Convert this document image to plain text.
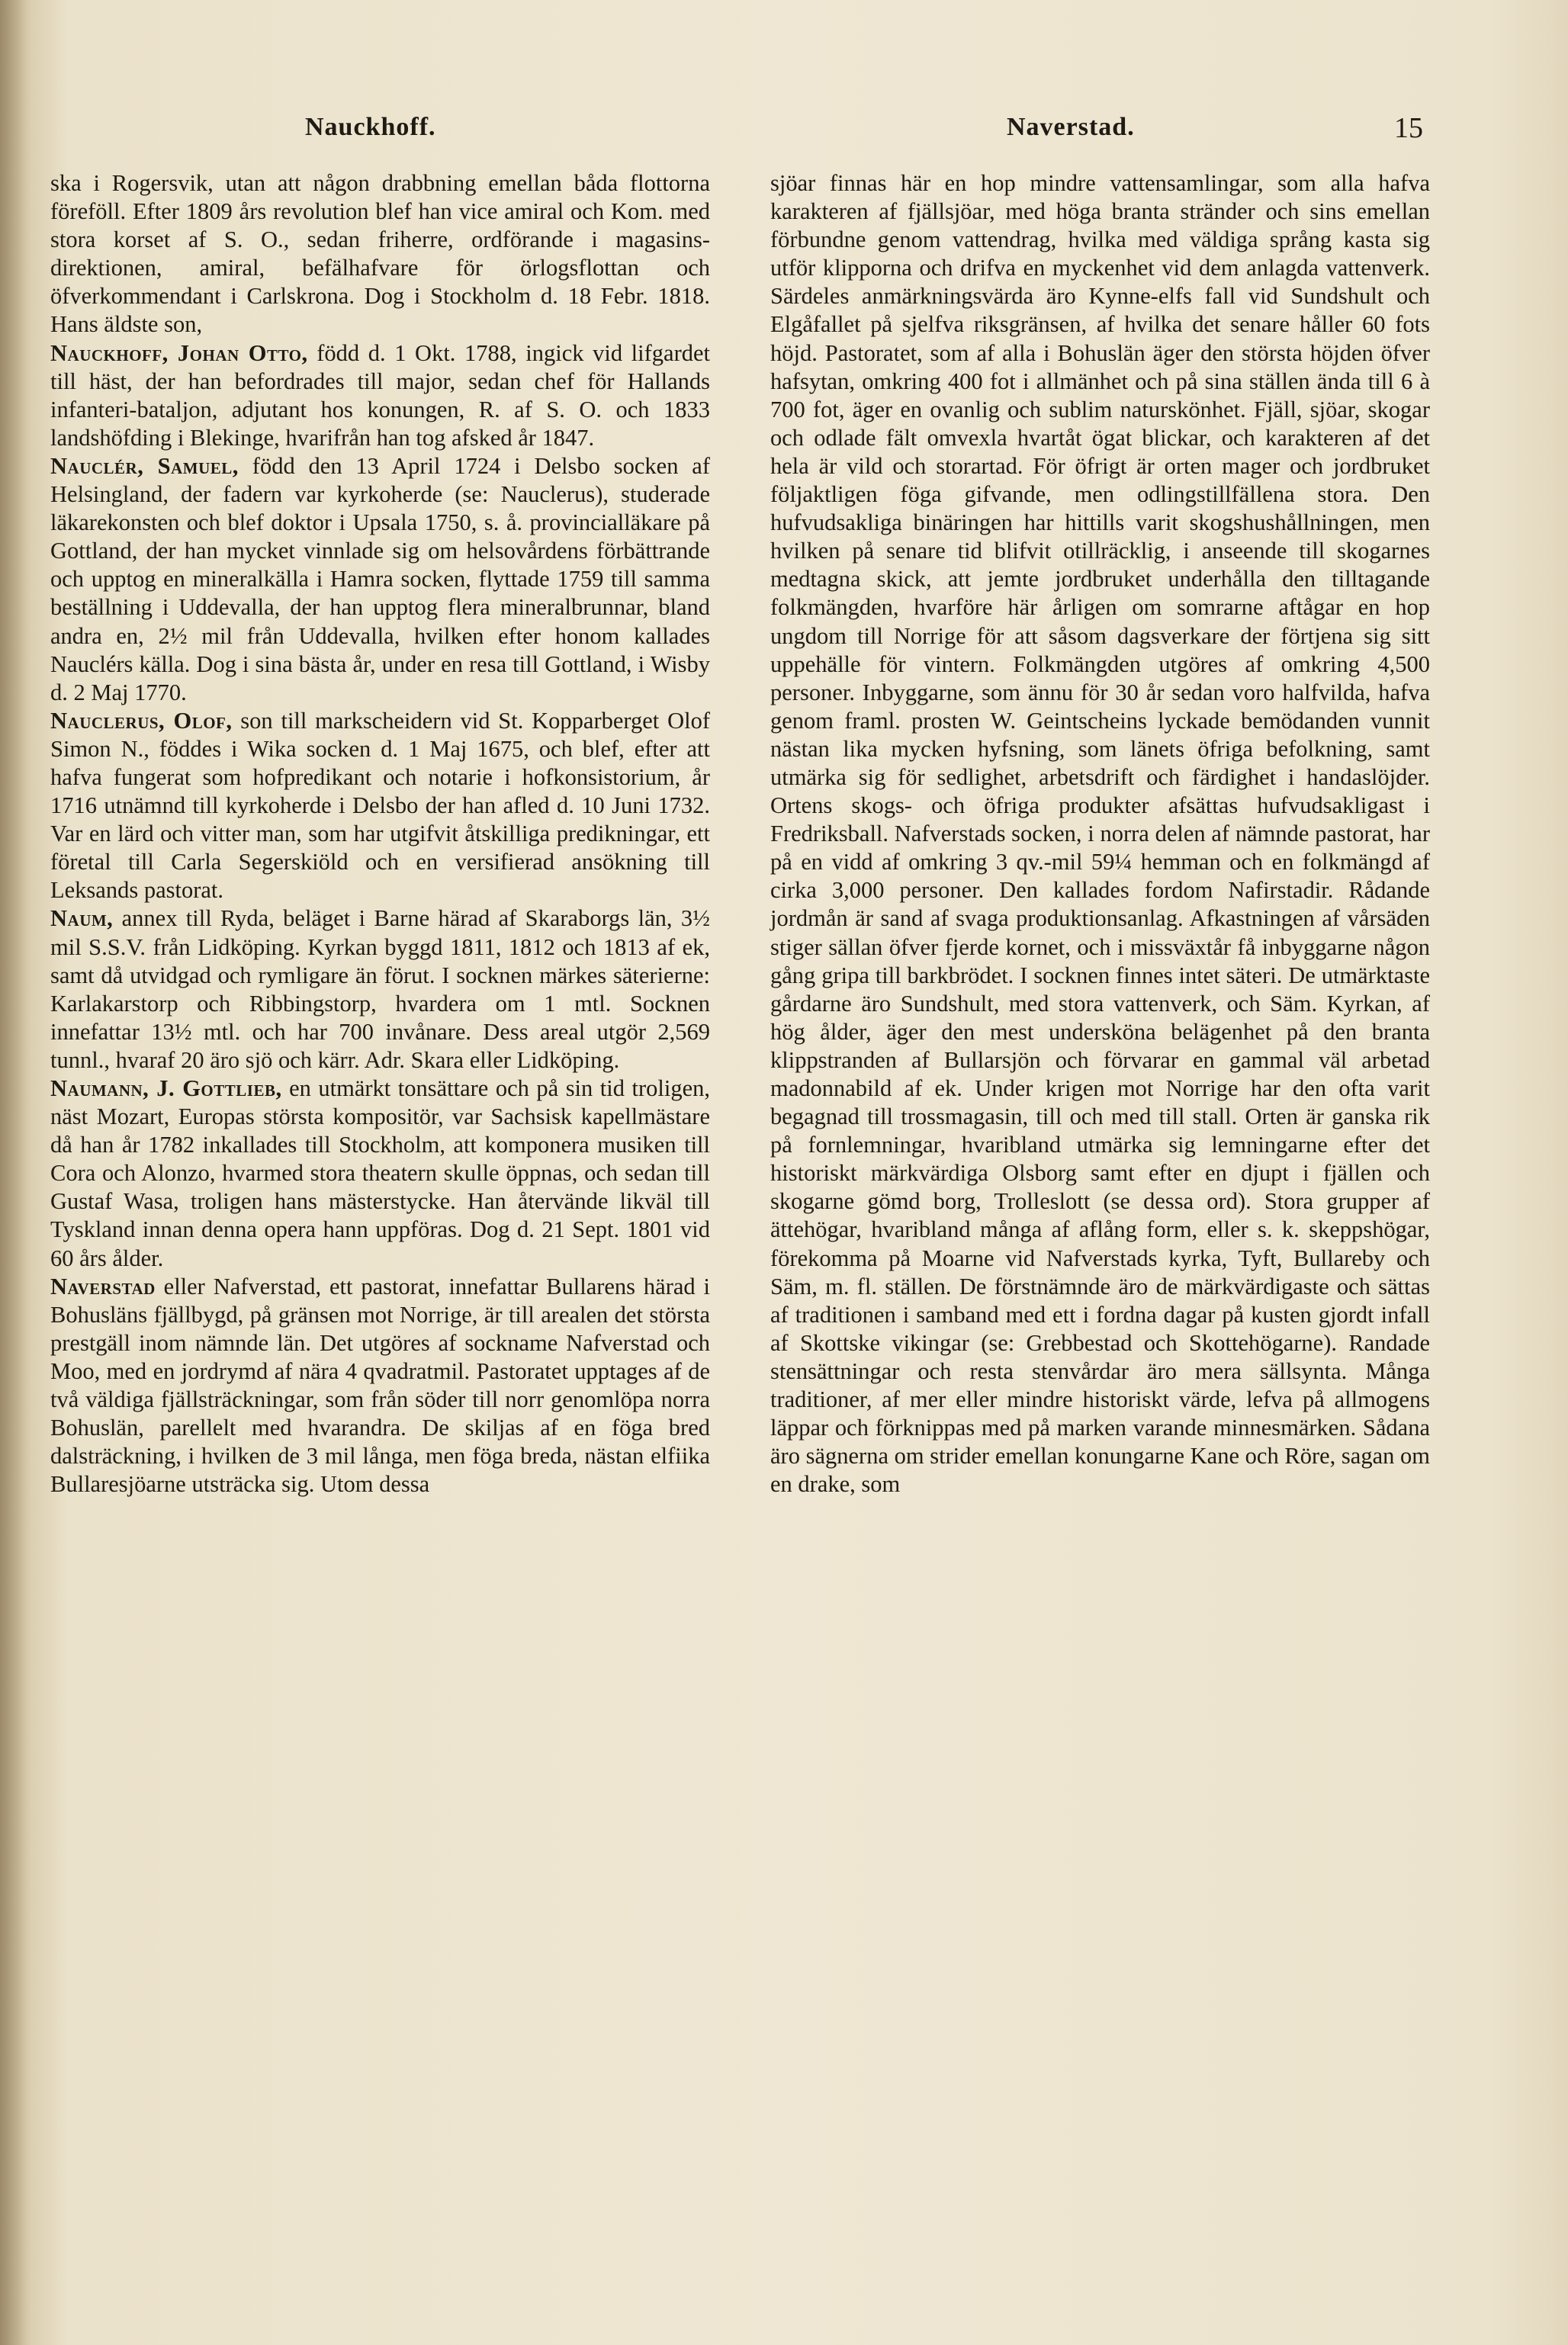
Nauckhoff.	Naverstad.	15

ska i Rogersvik, utan att någon drabbning emellan båda flottorna föreföll. Efter 1809 års revolution blef han vice amiral och Kom. med stora korset af S. O., sedan friherre, ordförande i magasins-direktionen, amiral, befälhafvare för örlogsflottan och öfverkommendant i Carlskrona. Dog i Stockholm d. 18 Febr. 1818. Hans äldste son,

Nauckhoff, Johan Otto, född d. 1 Okt. 1788, ingick vid lifgardet till häst, der han befordrades till major, sedan chef för Hallands infanteri-bataljon, adjutant hos konungen, R. af S. O. och 1833 landshöfding i Blekinge, hvarifrån han tog afsked år 1847.

Nauclér, Samuel, född den 13 April 1724 i Delsbo socken af Helsingland, der fadern var kyrkoherde (se: Nauclerus), studerade läkarekonsten och blef doktor i Upsala 1750, s. å. provincialläkare på Gottland, der han mycket vinnlade sig om helsovårdens förbättrande och upptog en mineralkälla i Hamra socken, flyttade 1759 till samma beställning i Uddevalla, der han upptog flera mineralbrunnar, bland andra en, 2½ mil från Uddevalla, hvilken efter honom kallades Nauclérs källa. Dog i sina bästa år, under en resa till Gottland, i Wisby d. 2 Maj 1770.

Nauclerus, Olof, son till markscheidern vid St. Kopparberget Olof Simon N., föddes i Wika socken d. 1 Maj 1675, och blef, efter att hafva fungerat som hofpredikant och notarie i hofkonsistorium, år 1716 utnämnd till kyrkoherde i Delsbo der han afled d. 10 Juni 1732. Var en lärd och vitter man, som har utgifvit åtskilliga predikningar, ett företal till Carla Segerskiöld och en versifierad ansökning till Leksands pastorat.

Naum, annex till Ryda, beläget i Barne härad af Skaraborgs län, 3½ mil S.S.V. från Lidköping. Kyrkan byggd 1811, 1812 och 1813 af ek, samt då utvidgad och rymligare än förut. I socknen märkes säterierne: Karlakarstorp och Ribbingstorp, hvardera om 1 mtl. Socknen innefattar 13½ mtl. och har 700 invånare. Dess areal utgör 2,569 tunnl., hvaraf 20 äro sjö och kärr. Adr. Skara eller Lidköping.

Naumann, J. Gottlieb, en utmärkt tonsättare och på sin tid troligen, näst Mozart, Europas största kompositör, var Sachsisk kapellmästare då han år 1782 inkallades till Stockholm, att komponera musiken till Cora och Alonzo, hvarmed stora theatern skulle öppnas, och sedan till Gustaf Wasa, troligen hans mästerstycke. Han återvände likväl till Tyskland innan denna opera hann uppföras. Dog d. 21 Sept. 1801 vid 60 års ålder.

Naverstad eller Nafverstad, ett pastorat, innefattar Bullarens härad i Bohusläns fjällbygd, på gränsen mot Norrige, är till arealen det största prestgäll inom nämnde län. Det utgöres af sockname Nafverstad och Moo, med en jordrymd af nära 4 qvadratmil. Pastoratet upptages af de två väldiga fjällsträckningar, som från söder till norr genomlöpa norra Bohuslän, parellelt med hvarandra. De skiljas af en föga bred dalsträckning, i hvilken de 3 mil långa, men föga breda, nästan elfiika Bullaresjöarne utsträcka sig. Utom dessa

sjöar finnas här en hop mindre vattensamlingar, som alla hafva karakteren af fjällsjöar, med höga branta stränder och sins emellan förbundne genom vattendrag, hvilka med väldiga språng kasta sig utför klipporna och drifva en myckenhet vid dem anlagda vattenverk. Särdeles anmärkningsvärda äro Kynne-elfs fall vid Sundshult och Elgåfallet på sjelfva riksgränsen, af hvilka det senare håller 60 fots höjd. Pastoratet, som af alla i Bohuslän äger den största höjden öfver hafsytan, omkring 400 fot i allmänhet och på sina ställen ända till 6 à 700 fot, äger en ovanlig och sublim naturskönhet. Fjäll, sjöar, skogar och odlade fält omvexla hvartåt ögat blickar, och karakteren af det hela är vild och storartad. För öfrigt är orten mager och jordbruket följaktligen föga gifvande, men odlingstillfällena stora. Den hufvudsakliga binäringen har hittills varit skogshushållningen, men hvilken på senare tid blifvit otillräcklig, i anseende till skogarnes medtagna skick, att jemte jordbruket underhålla den tilltagande folkmängden, hvarföre här årligen om somrarne aftågar en hop ungdom till Norrige för att såsom dagsverkare der förtjena sig sitt uppehälle för vintern. Folkmängden utgöres af omkring 4,500 personer. Inbyggarne, som ännu för 30 år sedan voro halfvilda, hafva genom framl. prosten W. Geintscheins lyckade bemödanden vunnit nästan lika mycken hyfsning, som länets öfriga befolkning, samt utmärka sig för sedlighet, arbetsdrift och färdighet i handaslöjder. Ortens skogs- och öfriga produkter afsättas hufvudsakligast i Fredriksball. Nafverstads socken, i norra delen af nämnde pastorat, har på en vidd af omkring 3 qv.-mil 59¼ hemman och en folkmängd af cirka 3,000 personer. Den kallades fordom Nafirstadir. Rådande jordmån är sand af svaga produktionsanlag. Afkastningen af vårsäden stiger sällan öfver fjerde kornet, och i missväxtår få inbyggarne någon gång gripa till barkbrödet. I socknen finnes intet säteri. De utmärktaste gårdarne äro Sundshult, med stora vattenverk, och Säm. Kyrkan, af hög ålder, äger den mest undersköna belägenhet på den branta klippstranden af Bullarsjön och förvarar en gammal väl arbetad madonnabild af ek. Under krigen mot Norrige har den ofta varit begagnad till trossmagasin, till och med till stall. Orten är ganska rik på fornlemningar, hvaribland utmärka sig lemningarne efter det historiskt märkvärdiga Olsborg samt efter en djupt i fjällen och skogarne gömd borg, Trolleslott (se dessa ord). Stora grupper af ättehögar, hvaribland många af aflång form, eller s. k. skeppshögar, förekomma på Moarne vid Nafverstads kyrka, Tyft, Bullareby och Säm, m. fl. ställen. De förstnämnde äro de märkvärdigaste och sättas af traditionen i samband med ett i fordna dagar på kusten gjordt infall af Skottske vikingar (se: Grebbestad och Skottehögarne). Randade stensättningar och resta stenvårdar äro mera sällsynta. Många traditioner, af mer eller mindre historiskt värde, lefva på allmogens läppar och förknippas med på marken varande minnesmärken. Sådana äro sägnerna om strider emellan konungarne Kane och Röre, sagan om en drake, som
